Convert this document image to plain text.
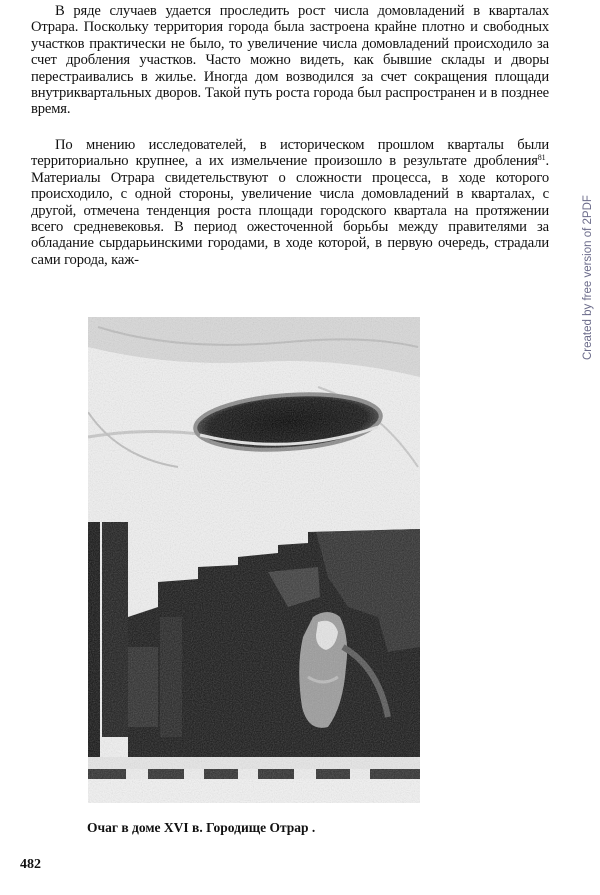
В ряде случаев удается проследить рост числа домовладений в кварталах Отрара. Поскольку территория города была застроена крайне плотно и свободных участков практически не было, то увеличение числа домовладений происходило за счет дробления участков. Часто можно видеть, как бывшие склады и дворы перестраивались в жилье. Иногда дом возводился за счет сокращения площади внутриквартальных дворов. Такой путь роста города был распространен и в позднее время.

По мнению исследователей, в историческом прошлом кварталы были территориально крупнее, а их измельчение произошло в результате дробления$^{81}$. Материалы Отрара свидетельствуют о сложности процесса, в ходе которого происходило, с одной стороны, увеличение числа домовладений в кварталах, с другой, отмечена тенденция роста площади городского квартала на протяжении всего средневековья. В период ожесточенной борьбы между правителями за обладание сырдарьинскими городами, в ходе которой, в первую очередь, страдали сами города, каж-	Created by free version of 2PDF
Очаг в доме XVI в. Городище Отрар .
482
